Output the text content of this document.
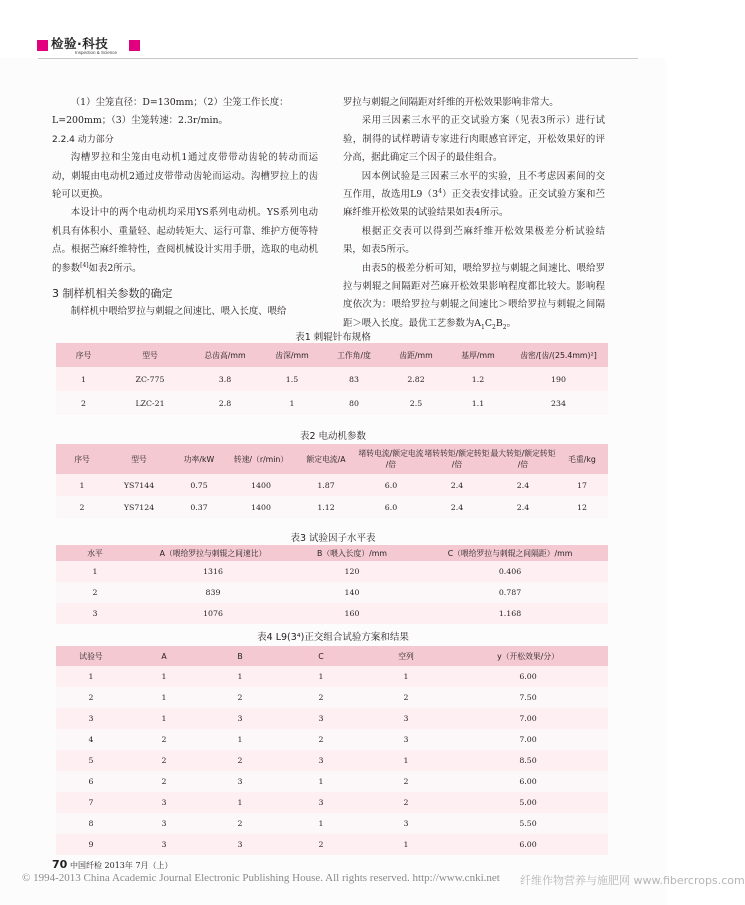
检验·科技
Inspection & Science

（1）尘笼直径：D=130mm；（2）尘笼工作长度：

L=200mm；（3）尘笼转速：2.3r/min。

2.2.4 动力部分

沟槽罗拉和尘笼由电动机1通过皮带带动齿轮的转动而运动，刺辊由电动机2通过皮带带动齿轮而运动。沟槽罗拉上的齿轮可以更换。

本设计中的两个电动机均采用YS系列电动机。YS系列电动机具有体积小、重量轻、起动转矩大、运行可靠、维护方便等特点。根据苎麻纤维特性，查阅机械设计实用手册，选取的电动机的参数[4]如表2所示。

3 制样机相关参数的确定

制样机中喂给罗拉与刺辊之间速比、喂入长度、喂给

罗拉与刺辊之间隔距对纤维的开松效果影响非常大。

采用三因素三水平的正交试验方案（见表3所示）进行试验，制得的试样聘请专家进行肉眼感官评定，开松效果好的评分高，据此确定三个因子的最佳组合。

因本例试验是三因素三水平的实验，且不考虑因素间的交互作用，故选用$L9(3^4)$正交表安排试验。正交试验方案和苎麻纤维开松效果的试验结果如表4所示。

根据正交表可以得到苎麻纤维开松效果极差分析试验结果，如表5所示。

由表5的极差分析可知，喂给罗拉与刺辊之间速比、喂给罗拉与刺辊之间隔距对苎麻开松效果影响程度都比较大。影响程度依次为：喂给罗拉与刺辊之间速比＞喂给罗拉与刺辊之间隔距＞喂入长度。最优工艺参数为$A_1C_2B_2$。

表1 刺辊针布规格
序号	型号	总齿高/mm	齿深/mm	工作角/度	齿距/mm	基厚/mm	齿密/[齿/(25.4mm)²]
1	ZC-775	3.8	1.5	83	2.82	1.2	190
2	LZC-21	2.8	1	80	2.5	1.1	234
表2 电动机参数
序号	型号	功率/kW	转速/（r/min）	额定电流/A	堵转电流/额定电流 /倍	堵转转矩/额定转矩 /倍	最大转矩/额定转矩 /倍	毛重/kg
1	YS7144	0.75	1400	1.87	6.0	2.4	2.4	17
2	YS7124	0.37	1400	1.12	6.0	2.4	2.4	12
表3 试验因子水平表
水平	A（喂给罗拉与刺辊之间速比）	B（喂入长度）/mm	C（喂给罗拉与刺辊之间隔距）/mm
1	1316	120	0.406
2	839	140	0.787
3	1076	160	1.168
表4 L9(3⁴)正交组合试验方案和结果
试验号	A	B	C	空列	y（开松效果/分）
1	1	1	1	1	6.00
2	1	2	2	2	7.50
3	1	3	3	3	7.00
4	2	1	2	3	7.00
5	2	2	3	1	8.50
6	2	3	1	2	6.00
7	3	1	3	2	5.00
8	3	2	1	3	5.50
9	3	3	2	1	6.00
70 中国纤检 2013年 7月（上）
© 1994-2013 China Academic Journal Electronic Publishing House. All rights reserved. http://www.cnki.net 纤维作物营养与施肥网 www.fibercrops.com
